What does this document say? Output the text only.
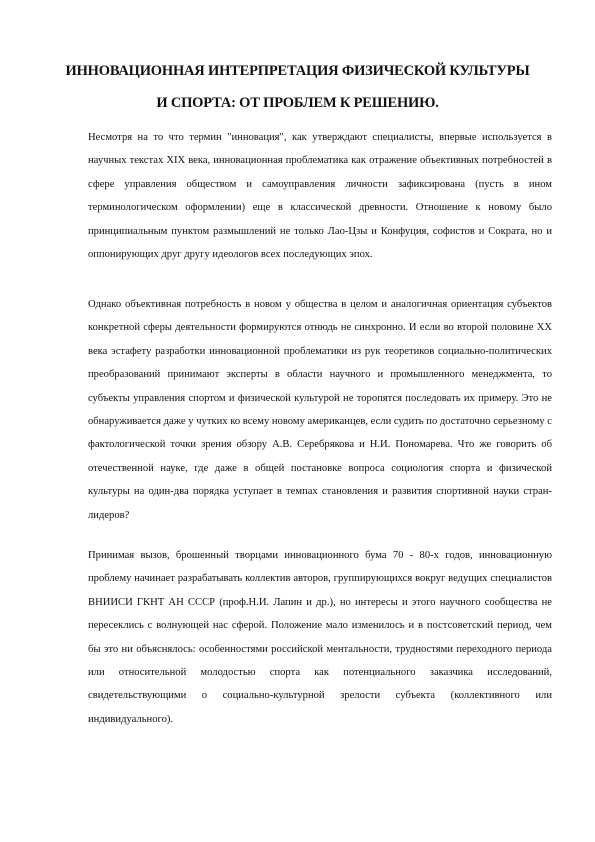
ИННОВАЦИОННАЯ ИНТЕРПРЕТАЦИЯ ФИЗИЧЕСКОЙ КУЛЬТУРЫ И СПОРТА: ОТ ПРОБЛЕМ К РЕШЕНИЮ.

Несмотря на то что термин "инновация", как утверждают специалисты, впервые используется в научных текстах XIX века, инновационная проблематика как отражение объективных потребностей в сфере управления обществом и самоуправления личности зафиксирована (пусть в ином терминологическом оформлении) еще в классической древности. Отношение к новому было принципиальным пунктом размышлений не только Лао-Цзы и Конфуция, софистов и Сократа, но и оппонирующих друг другу идеологов всех последующих эпох.

Однако объективная потребность в новом у общества в целом и аналогичная ориентация субъектов конкретной сферы деятельности формируются отнюдь не синхронно. И если во второй половине XX века эстафету разработки инновационной проблематики из рук теоретиков социально-политических преобразований принимают эксперты в области научного и промышленного менеджмента, то субъекты управления спортом и физической культурой не торопятся последовать их примеру. Это не обнаруживается даже у чутких ко всему новому американцев, если судить по достаточно серьезному с фактологической точки зрения обзору А.В. Серебрякова и Н.И. Пономарева. Что же говорить об отечественной науке, где даже в общей постановке вопроса социология спорта и физической культуры на один-два порядка уступает в темпах становления и развития спортивной науки стран-лидеров?

Принимая вызов, брошенный творцами инновационного бума 70 - 80-х годов, инновационную проблему начинает разрабатывать коллектив авторов, группирующихся вокруг ведущих специалистов ВНИИСИ ГКНТ АН СССР (проф.Н.И. Лапин и др.), но интересы и этого научного сообщества не пересеклись с волнующей нас сферой. Положение мало изменилось и в постсоветский период, чем бы это ни объяснялось: особенностями российской ментальности, трудностями переходного периода или относительной молодостью спорта как потенциального заказчика исследований, свидетельствующими о социально-культурной зрелости субъекта (коллективного или индивидуального).
